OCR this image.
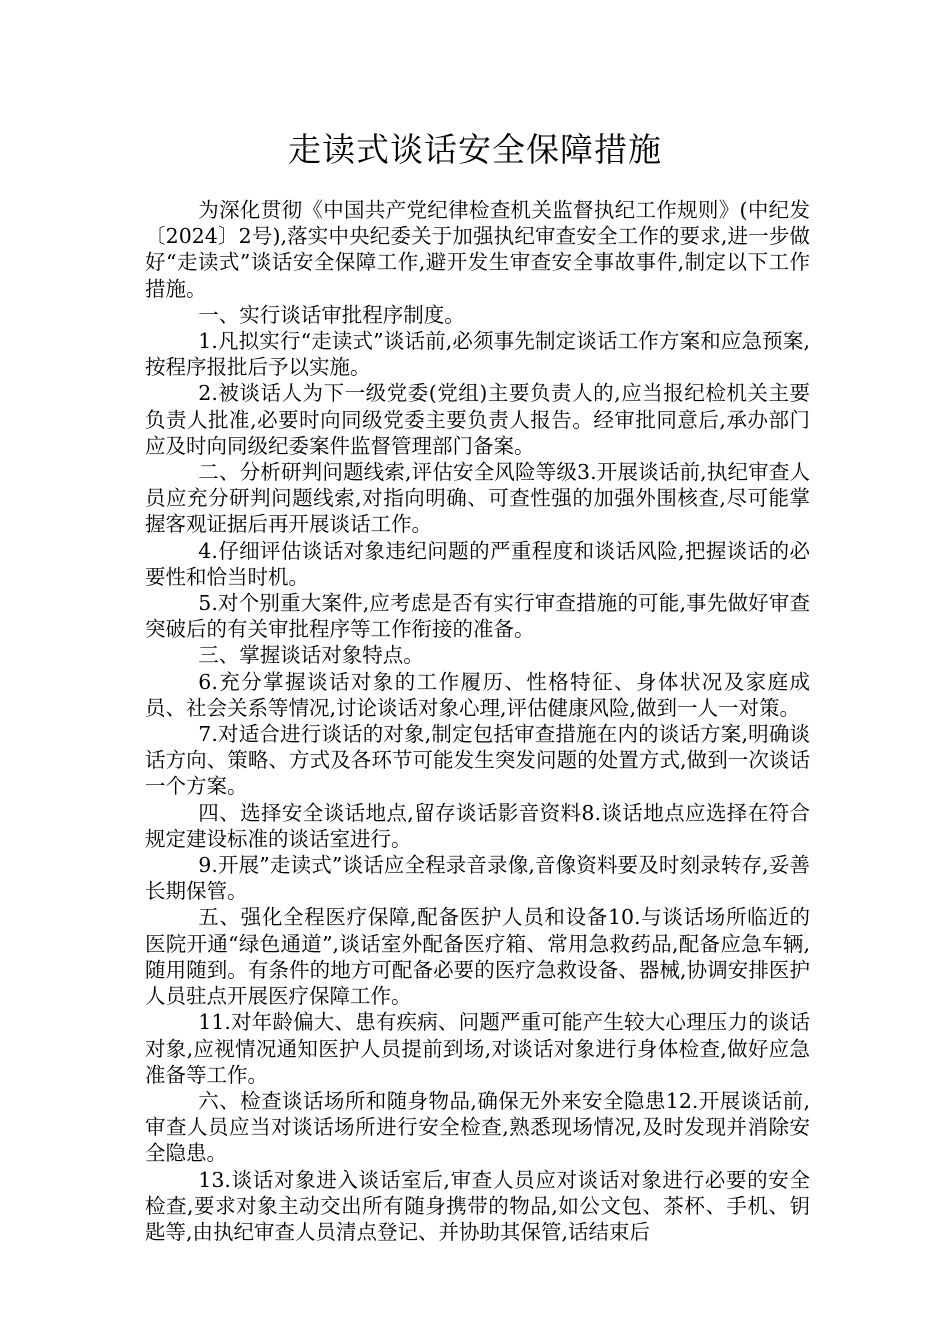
走读式谈话安全保障措施

为深化贯彻《中国共产党纪律检查机关监督执纪工作规则》(中纪发〔2024〕2号),落实中央纪委关于加强执纪审查安全工作的要求,进一步做好“走读式”谈话安全保障工作,避开发生审查安全事故事件,制定以下工作措施。

一、实行谈话审批程序制度。

1.凡拟实行“走读式”谈话前,必须事先制定谈话工作方案和应急预案,按程序报批后予以实施。

2.被谈话人为下一级党委(党组)主要负责人的,应当报纪检机关主要负责人批准,必要时向同级党委主要负责人报告。经审批同意后,承办部门应及时向同级纪委案件监督管理部门备案。

二、分析研判问题线索,评估安全风险等级3.开展谈话前,执纪审查人员应充分研判问题线索,对指向明确、可查性强的加强外围核查,尽可能掌握客观证据后再开展谈话工作。

4.仔细评估谈话对象违纪问题的严重程度和谈话风险,把握谈话的必要性和恰当时机。

5.对个别重大案件,应考虑是否有实行审查措施的可能,事先做好审查突破后的有关审批程序等工作衔接的准备。

三、掌握谈话对象特点。

6.充分掌握谈话对象的工作履历、性格特征、身体状况及家庭成员、社会关系等情况,讨论谈话对象心理,评估健康风险,做到一人一对策。

7.对适合进行谈话的对象,制定包括审查措施在内的谈话方案,明确谈话方向、策略、方式及各环节可能发生突发问题的处置方式,做到一次谈话一个方案。

四、选择安全谈话地点,留存谈话影音资料8.谈话地点应选择在符合规定建设标准的谈话室进行。

9.开展”走读式”谈话应全程录音录像,音像资料要及时刻录转存,妥善长期保管。

五、强化全程医疗保障,配备医护人员和设备10.与谈话场所临近的医院开通“绿色通道”,谈话室外配备医疗箱、常用急救药品,配备应急车辆,随用随到。有条件的地方可配备必要的医疗急救设备、器械,协调安排医护人员驻点开展医疗保障工作。

11.对年龄偏大、患有疾病、问题严重可能产生较大心理压力的谈话对象,应视情况通知医护人员提前到场,对谈话对象进行身体检查,做好应急准备等工作。

六、检查谈话场所和随身物品,确保无外来安全隐患12.开展谈话前,审查人员应当对谈话场所进行安全检查,熟悉现场情况,及时发现并消除安全隐患。

13.谈话对象进入谈话室后,审查人员应对谈话对象进行必要的安全检查,要求对象主动交出所有随身携带的物品,如公文包、茶杯、手机、钥匙等,由执纪审查人员清点登记、并协助其保管,话结束后
